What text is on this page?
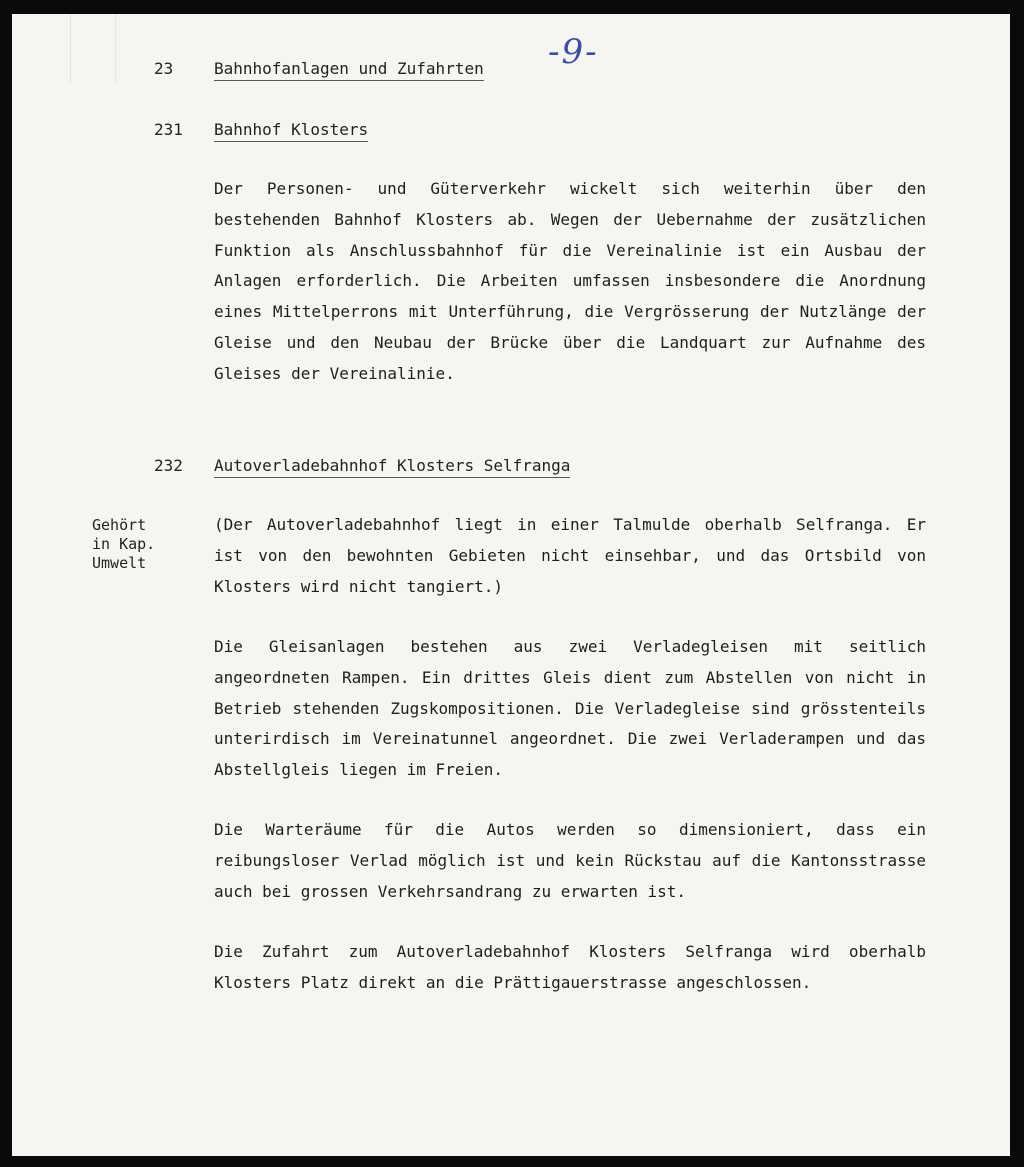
-9-
23	Bahnhofanlagen und Zufahrten
231 Bahnhof Klosters
Der Personen- und Güterverkehr wickelt sich weiterhin über den bestehenden Bahnhof Klosters ab. Wegen der Uebernahme der zusätzlichen Funktion als Anschlussbahnhof für die Vereinalinie ist ein Ausbau der Anlagen erforderlich. Die Arbeiten umfassen insbesondere die Anordnung eines Mittelperrons mit Unterführung, die Vergrösserung der Nutzlänge der Gleise und den Neubau der Brücke über die Landquart zur Aufnahme des Gleises der Vereinalinie.
232 Autoverladebahnhof Klosters Selfranga
Gehört
in Kap.
Umwelt
(Der Autoverladebahnhof liegt in einer Talmulde oberhalb Selfranga. Er ist von den bewohnten Gebieten nicht einsehbar, und das Ortsbild von Klosters wird nicht tangiert.)
Die Gleisanlagen bestehen aus zwei Verladegleisen mit seitlich angeordneten Rampen. Ein drittes Gleis dient zum Abstellen von nicht in Betrieb stehenden Zugskompositionen. Die Verladegleise sind grösstenteils unterirdisch im Vereinatunnel angeordnet. Die zwei Verladerampen und das Abstellgleis liegen im Freien.
Die Warteräume für die Autos werden so dimensioniert, dass ein reibungsloser Verlad möglich ist und kein Rückstau auf die Kantonsstrasse auch bei grossen Verkehrsandrang zu erwarten ist.
Die Zufahrt zum Autoverladebahnhof Klosters Selfranga wird oberhalb Klosters Platz direkt an die Prättigauerstrasse angeschlossen.
